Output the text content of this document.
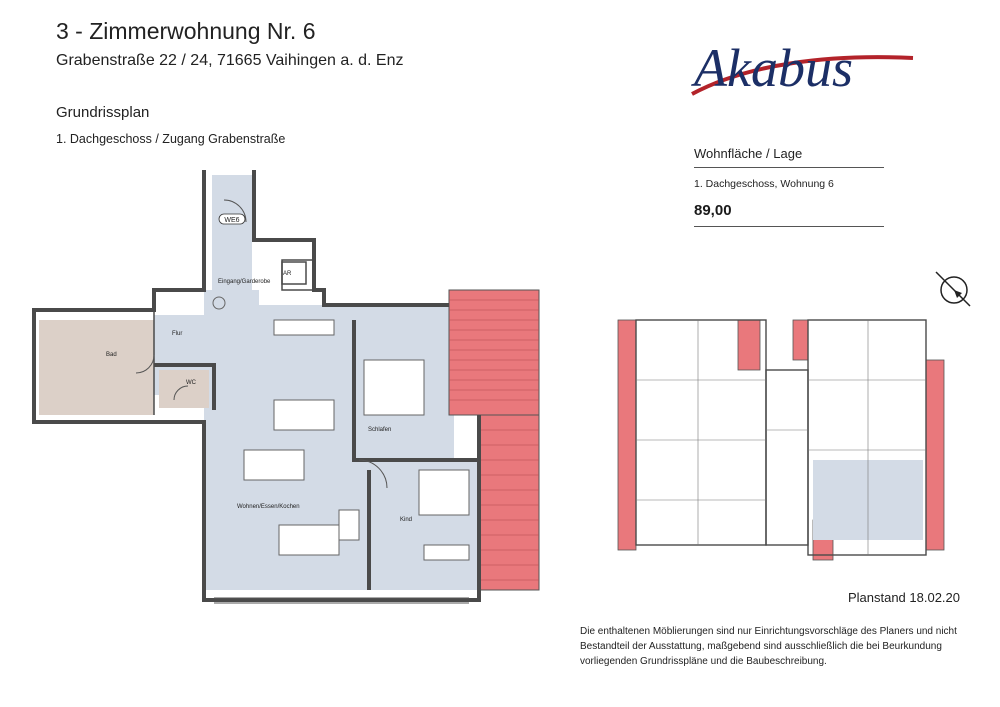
3 - Zimmerwohnung Nr. 6
Grabenstraße 22 / 24, 71665 Vaihingen a. d. Enz
Grundrissplan
1. Dachgeschoss / Zugang Grabenstraße
Akabus
Wohnfläche / Lage
1. Dachgeschoss, Wohnung 6
89,00
WE6
Eingang/Garderobe
AR
Flur
Bad
WC
Wohnen/Essen/Kochen
Schlafen
Kind
Planstand 18.02.20
Die enthaltenen Möblierungen sind nur Einrichtungsvorschläge des Planers und nicht Bestandteil der Ausstattung, maßgebend sind ausschließlich die bei Beurkundung vorliegenden Grundrisspläne und die Baubeschreibung.
